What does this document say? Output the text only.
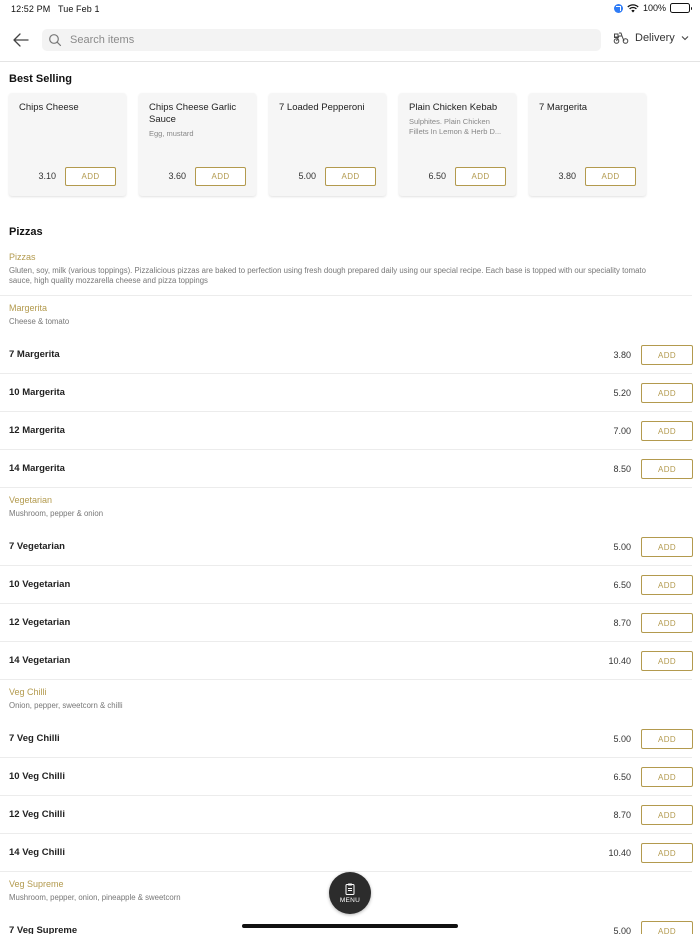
12:52 PM Tue Feb 1	100%
Search items
Delivery
Best Selling
Chips Cheese
3.10	ADD
Chips Cheese Garlic Sauce
Egg, mustard
3.60	ADD
7 Loaded Pepperoni
5.00	ADD
Plain Chicken Kebab
Sulphites. Plain Chicken Fillets In Lemon & Herb D...
6.50	ADD
7 Margerita
3.80	ADD
Pizzas
Pizzas
Gluten, soy, milk (various toppings). Pizzalicious pizzas are baked to perfection using fresh dough prepared daily using our special recipe. Each base is topped with our speciality tomato sauce, high quality mozzarella cheese and pizza toppings
Margerita
Cheese & tomato
7 Margerita	3.80	ADD
10 Margerita	5.20	ADD
12 Margerita	7.00	ADD
14 Margerita	8.50	ADD
Vegetarian
Mushroom, pepper & onion
7 Vegetarian	5.00	ADD
10 Vegetarian	6.50	ADD
12 Vegetarian	8.70	ADD
14 Vegetarian	10.40	ADD
Veg Chilli
Onion, pepper, sweetcorn & chilli
7 Veg Chilli	5.00	ADD
10 Veg Chilli	6.50	ADD
12 Veg Chilli	8.70	ADD
14 Veg Chilli	10.40	ADD
Veg Supreme
Mushroom, pepper, onion, pineapple & sweetcorn
7 Veg Supreme	5.00	ADD
MENU
